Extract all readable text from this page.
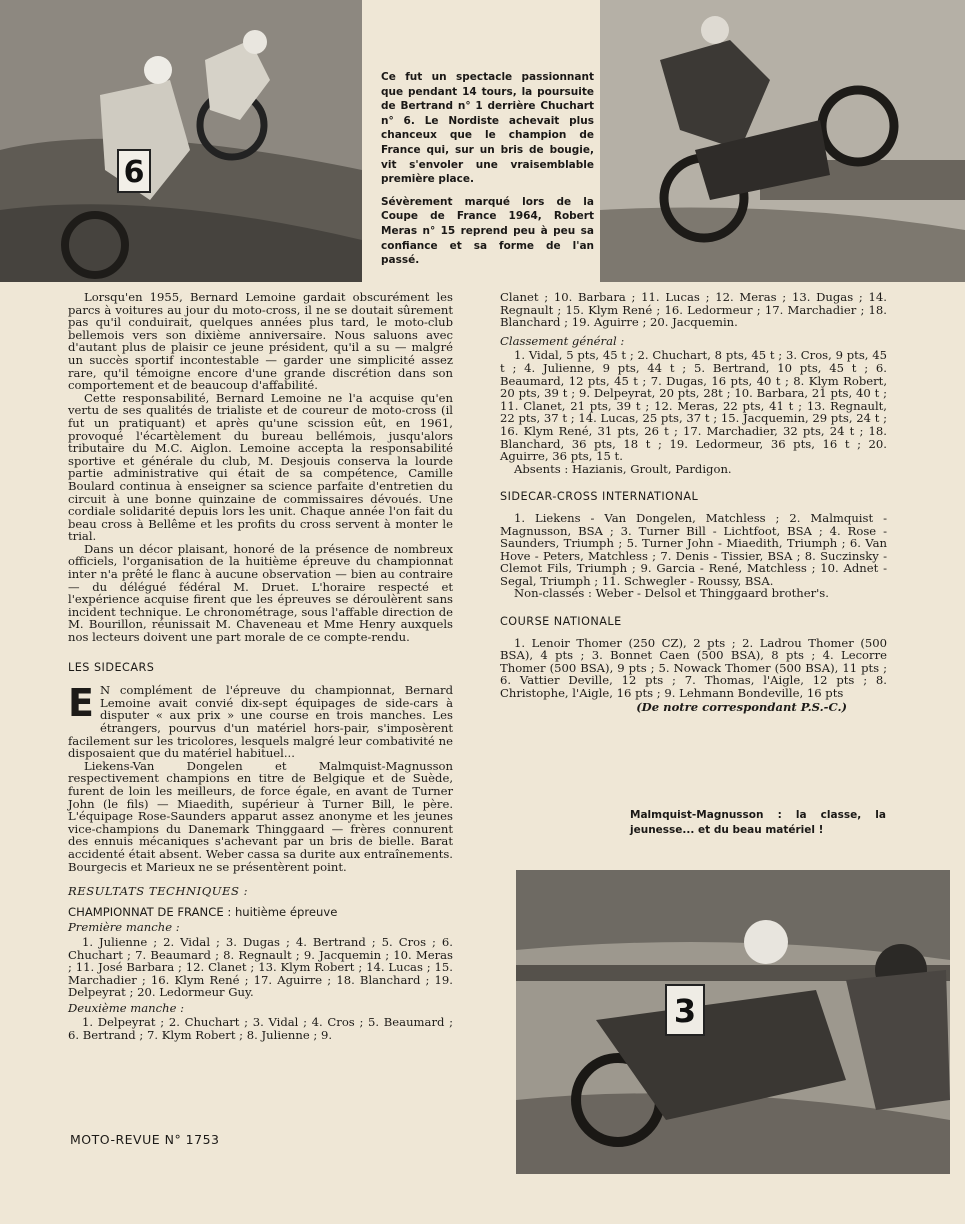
6

Ce fut un spectacle passionnant que pendant 14 tours, la poursuite de Bertrand n° 1 derrière Chuchart n° 6. Le Nordiste achevait plus chanceux que le champion de France qui, sur un bris de bougie, vit s'envoler une vraisemblable première place.

Sévèrement marqué lors de la Coupe de France 1964, Robert Meras n° 15 reprend peu à peu sa confiance et sa forme de l'an passé.

Lorsqu'en 1955, Bernard Lemoine gardait obscurément les parcs à voitures au jour du moto-cross, il ne se doutait sûrement pas qu'il conduirait, quelques années plus tard, le moto-club bellemois vers son dixième anniversaire. Nous saluons avec d'autant plus de plaisir ce jeune président, qu'il a su — malgré un succès sportif incontestable — garder une simplicité assez rare, qu'il témoigne encore d'une grande discrétion dans son comportement et de beaucoup d'affabilité.

Cette responsabilité, Bernard Lemoine ne l'a acquise qu'en vertu de ses qualités de trialiste et de coureur de moto-cross (il fut un pratiquant) et après qu'une scission eût, en 1961, provoqué l'écartèlement du bureau bellémois, jusqu'alors tributaire du M.C. Aiglon. Lemoine accepta la responsabilité sportive et générale du club, M. Desjouis conserva la lourde partie administrative qui était de sa compétence, Camille Boulard continua à enseigner sa science parfaite d'entretien du circuit à une bonne quinzaine de commissaires dévoués. Une cordiale solidarité depuis lors les unit. Chaque année l'on fait du beau cross à Bellême et les profits du cross servent à monter le trial.

Dans un décor plaisant, honoré de la présence de nombreux officiels, l'organisation de la huitième épreuve du championnat inter n'a prêté le flanc à aucune observation — bien au contraire — du délégué fédéral M. Druet. L'horaire respecté et l'expérience acquise firent que les épreuves se déroulèrent sans incident technique. Le chronométrage, sous l'affable direction de M. Bourillon, réunissait M. Chaveneau et Mme Henry auxquels nos lecteurs doivent une part morale de ce compte-rendu.

LES SIDECARS

E N complément de l'épreuve du championnat, Bernard Lemoine avait convié dix-sept équipages de side-cars à disputer « aux prix » une course en trois manches. Les étrangers, pourvus d'un matériel hors-pair, s'imposèrent facilement sur les tricolores, lesquels malgré leur combativité ne disposaient que du matériel habituel...

Liekens-Van Dongelen et Malmquist-Magnusson respectivement champions en titre de Belgique et de Suède, furent de loin les meilleurs, de force égale, en avant de Turner John (le fils) — Miaedith, supérieur à Turner Bill, le père. L'équipage Rose-Saunders apparut assez anonyme et les jeunes vice-champions du Danemark Thinggaard — frères connurent des ennuis mécaniques s'achevant par un bris de bielle. Barat accidenté était absent. Weber cassa sa durite aux entraînements. Bourgecis et Marieux ne se présentèrent point.

RESULTATS TECHNIQUES :

CHAMPIONNAT DE FRANCE : huitième épreuve

Première manche :

1. Julienne ; 2. Vidal ; 3. Dugas ; 4. Bertrand ; 5. Cros ; 6. Chuchart ; 7. Beaumard ; 8. Regnault ; 9. Jacquemin ; 10. Meras ; 11. José Barbara ; 12. Clanet ; 13. Klym Robert ; 14. Lucas ; 15. Marchadier ; 16. Klym René ; 17. Aguirre ; 18. Blanchard ; 19. Delpeyrat ; 20. Ledormeur Guy.

Deuxième manche :

1. Delpeyrat ; 2. Chuchart ; 3. Vidal ; 4. Cros ; 5. Beaumard ; 6. Bertrand ; 7. Klym Robert ; 8. Julienne ; 9.

Clanet ; 10. Barbara ; 11. Lucas ; 12. Meras ; 13. Dugas ; 14. Regnault ; 15. Klym René ; 16. Ledormeur ; 17. Marchadier ; 18. Blanchard ; 19. Aguirre ; 20. Jacquemin.

Classement général :

1. Vidal, 5 pts, 45 t ; 2. Chuchart, 8 pts, 45 t ; 3. Cros, 9 pts, 45 t ; 4. Julienne, 9 pts, 44 t ; 5. Bertrand, 10 pts, 45 t ; 6. Beaumard, 12 pts, 45 t ; 7. Dugas, 16 pts, 40 t ; 8. Klym Robert, 20 pts, 39 t ; 9. Delpeyrat, 20 pts, 28t ; 10. Barbara, 21 pts, 40 t ; 11. Clanet, 21 pts, 39 t ; 12. Meras, 22 pts, 41 t ; 13. Regnault, 22 pts, 37 t ; 14. Lucas, 25 pts, 37 t ; 15. Jacquemin, 29 pts, 24 t ; 16. Klym René, 31 pts, 26 t ; 17. Marchadier, 32 pts, 24 t ; 18. Blanchard, 36 pts, 18 t ; 19. Ledormeur, 36 pts, 16 t ; 20. Aguirre, 36 pts, 15 t.

Absents : Hazianis, Groult, Pardigon.

SIDECAR-CROSS INTERNATIONAL

1. Liekens - Van Dongelen, Matchless ; 2. Malmquist - Magnusson, BSA ; 3. Turner Bill - Lichtfoot, BSA ; 4. Rose - Saunders, Triumph ; 5. Turner John - Miaedith, Triumph ; 6. Van Hove - Peters, Matchless ; 7. Denis - Tissier, BSA ; 8. Suczinsky - Clemot Fils, Triumph ; 9. Garcia - René, Matchless ; 10. Adnet - Segal, Triumph ; 11. Schwegler - Roussy, BSA.

Non-classés : Weber - Delsol et Thinggaard brother's.

COURSE NATIONALE

1. Lenoir Thomer (250 CZ), 2 pts ; 2. Ladrou Thomer (500 BSA), 4 pts ; 3. Bonnet Caen (500 BSA), 8 pts ; 4. Lecorre Thomer (500 BSA), 9 pts ; 5. Nowack Thomer (500 BSA), 11 pts ; 6. Vattier Deville, 12 pts ; 7. Thomas, l'Aigle, 12 pts ; 8. Christophe, l'Aigle, 16 pts ; 9. Lehmann Bondeville, 16 pts

(De notre correspondant P.S.-C.)

Malmquist-Magnusson : la classe, la jeunesse... et du beau matériel !

3
MOTO-REVUE N° 1753
